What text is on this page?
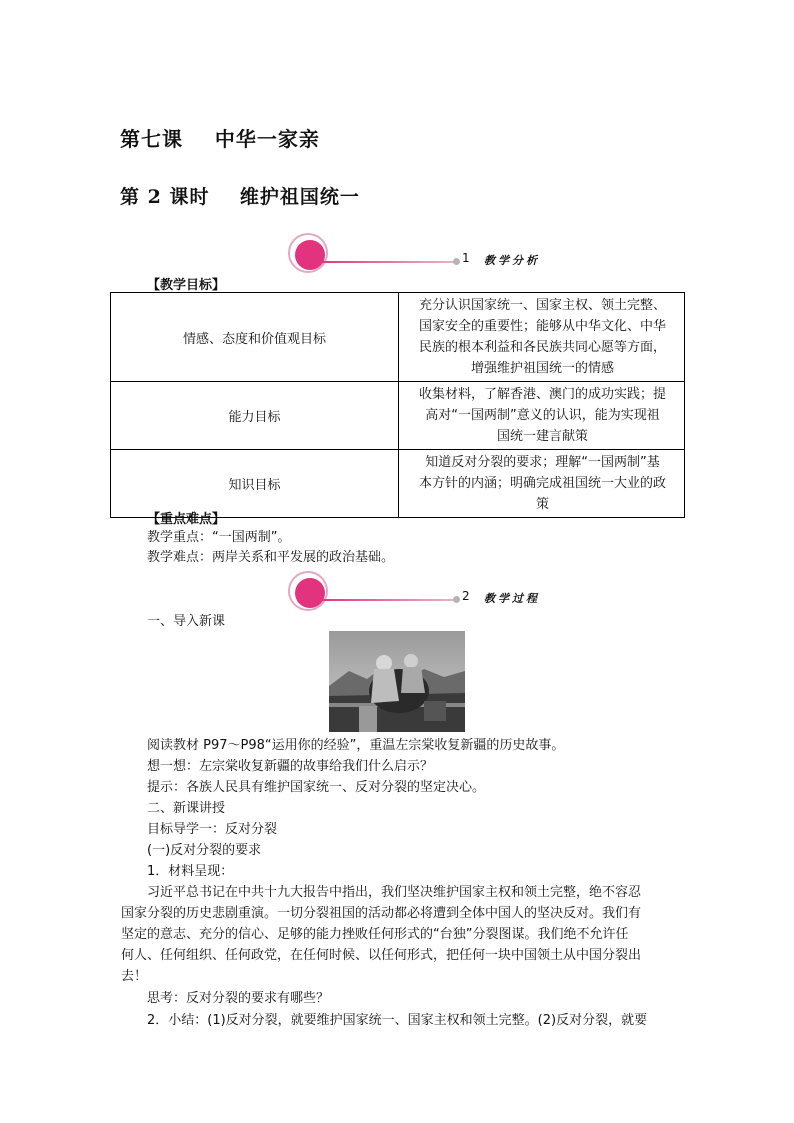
第七课    中华一家亲
第 2 课时    维护祖国统一
1 教学分析
【教学目标】
情感、态度和价值观目标	充分认识国家统一、国家主权、领土完整、
国家安全的重要性；能够从中华文化、中华
民族的根本利益和各民族共同心愿等方面，
增强维护祖国统一的情感

能力目标	收集材料，了解香港、澳门的成功实践；提
高对“一国两制”意义的认识，能为实现祖
国统一建言献策

知识目标	知道反对分裂的要求；理解“一国两制”基
本方针的内涵；明确完成祖国统一大业的政
策
【重点难点】
教学重点：“一国两制”。
教学难点：两岸关系和平发展的政治基础。
2 教学过程
一、导入新课
阅读教材 P97～P98“运用你的经验”，重温左宗棠收复新疆的历史故事。
想一想：左宗棠收复新疆的故事给我们什么启示？
提示：各族人民具有维护国家统一、反对分裂的坚定决心。
二、新课讲授
目标导学一：反对分裂
(一)反对分裂的要求
1．材料呈现：
习近平总书记在中共十九大报告中指出，我们坚决维护国家主权和领土完整，绝不容忍
国家分裂的历史悲剧重演。一切分裂祖国的活动都必将遭到全体中国人的坚决反对。我们有
坚定的意志、充分的信心、足够的能力挫败任何形式的“台独”分裂图谋。我们绝不允许任
何人、任何组织、任何政党，在任何时候、以任何形式，把任何一块中国领土从中国分裂出
去！
思考：反对分裂的要求有哪些？
2．小结：(1)反对分裂，就要维护国家统一、国家主权和领土完整。(2)反对分裂，就要
